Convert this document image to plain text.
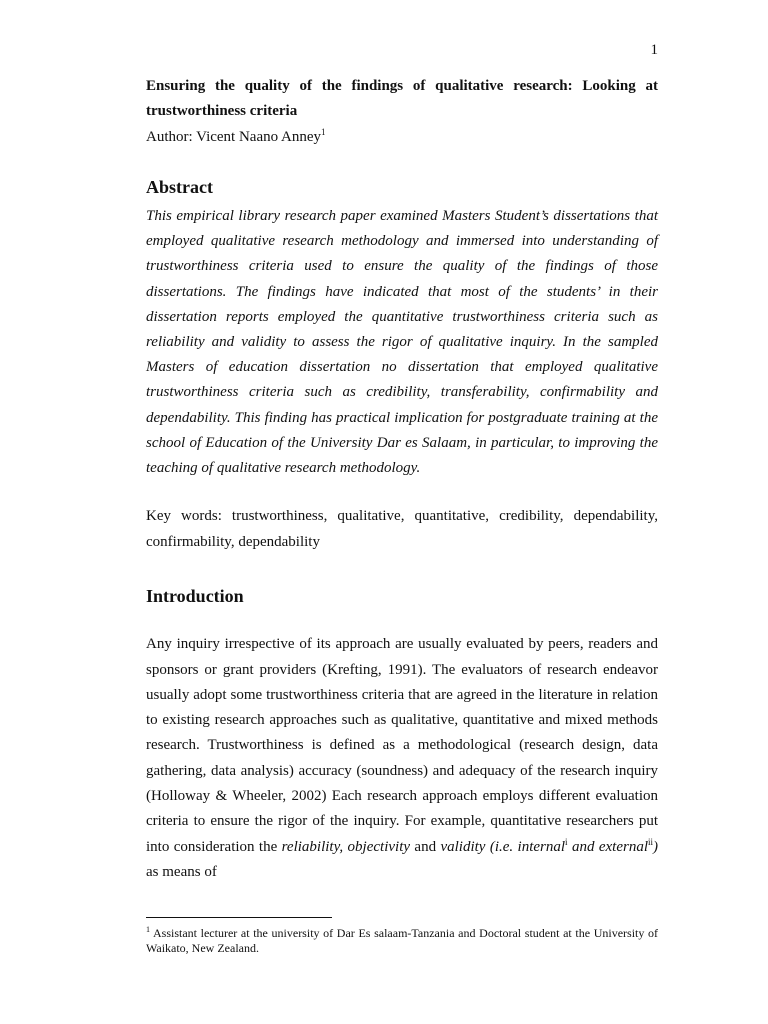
1

Ensuring the quality of the findings of qualitative research: Looking at trustworthiness criteria

Author: Vicent Naano Anney$^1$

Abstract

This empirical library research paper examined Masters Student’s dissertations that employed qualitative research methodology and immersed into understanding of trustworthiness criteria used to ensure the quality of the findings of those dissertations. The findings have indicated that most of the students’ in their dissertation reports employed the quantitative trustworthiness criteria such as reliability and validity to assess the rigor of qualitative inquiry. In the sampled Masters of education dissertation no dissertation that employed qualitative trustworthiness criteria such as credibility, transferability, confirmability and dependability. This finding has practical implication for postgraduate training at the school of Education of the University Dar es Salaam, in particular, to improving the teaching of qualitative research methodology.

Key words: trustworthiness, qualitative, quantitative, credibility, dependability, confirmability, dependability

Introduction

Any inquiry irrespective of its approach are usually evaluated by peers, readers and sponsors or grant providers (Krefting, 1991). The evaluators of research endeavor usually adopt some trustworthiness criteria that are agreed in the literature in relation to existing research approaches such as qualitative, quantitative and mixed methods research. Trustworthiness is defined as a methodological (research design, data gathering, data analysis) accuracy (soundness) and adequacy of the research inquiry (Holloway & Wheeler, 2002) Each research approach employs different evaluation criteria to ensure the rigor of the inquiry. For example, quantitative researchers put into consideration the reliability, objectivity and validity (i.e. internal$^i$ and external$^{ii}$) as means of

$^1$ Assistant lecturer at the university of Dar Es salaam-Tanzania and Doctoral student at the University of Waikato, New Zealand.
